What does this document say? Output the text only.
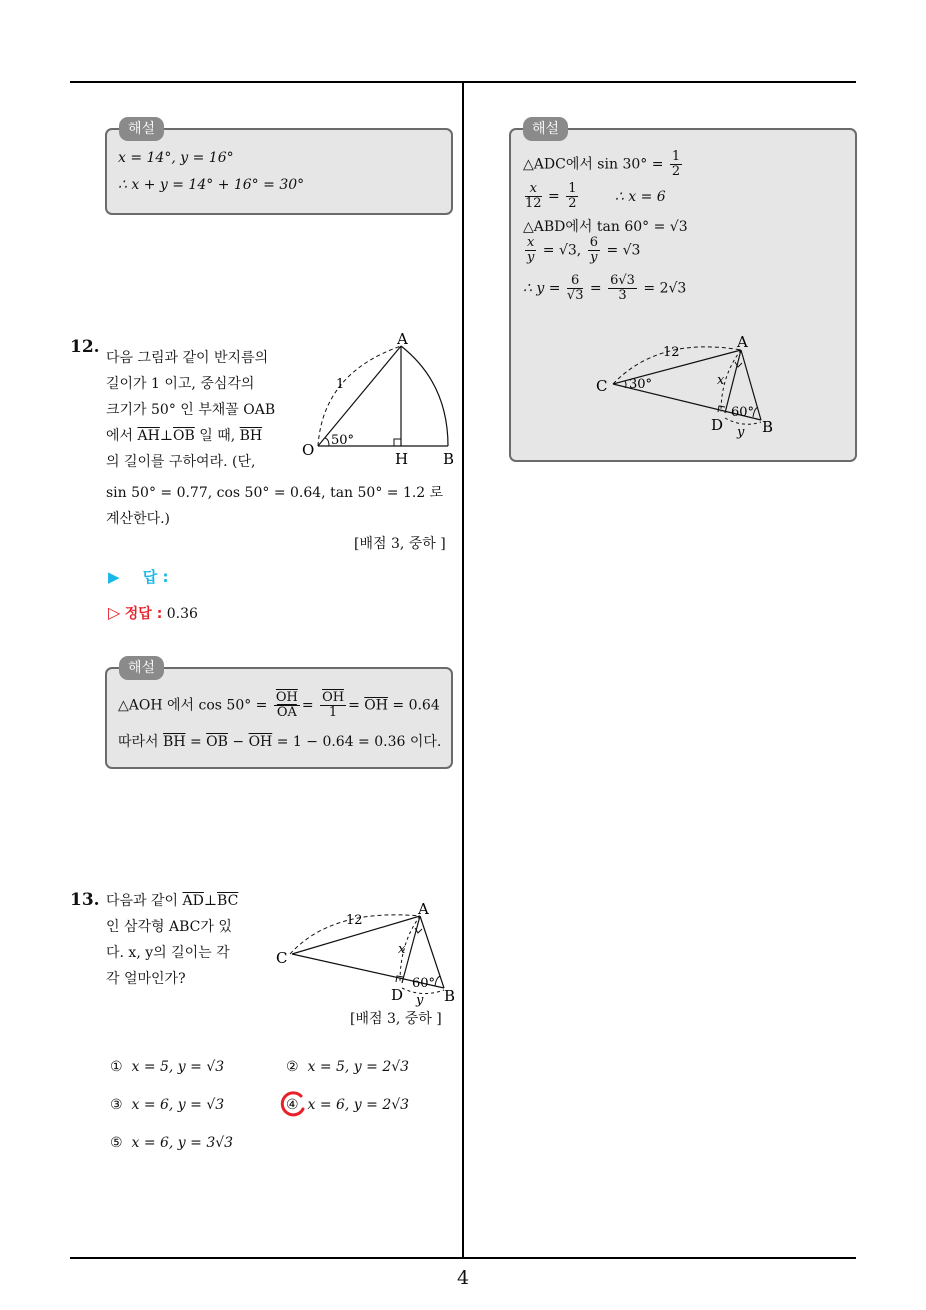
x = 14°, y = 16°
∴ x + y = 14° + 16° = 30°
해설
12.
다음 그림과 같이 반지름의
길이가 1 이고, 중심각의
크기가 50° 인 부채꼴 OAB
에서 $\overline{AH}\perp\overline{OB}$ 일 때, $\overline{BH}$
의 길이를 구하여라. (단,
sin 50° = 0.77, cos 50° = 0.64, tan 50° = 1.2 로
계산한다.)
[배점 3, 중하 ]
A
O	H B
1
50°
▶ 답 :
▷ 정답 : 0.36
△AOH 에서 $\cos 50^\circ = \frac{\overline{OH}}{OA} = \frac{\overline{OH}}{1} = \overline{OH} = 0.64$
따라서 $\overline{BH} = \overline{OB} - \overline{OH} = 1 - 0.64 = 0.36$ 이다.
해설
13. 다음과 같이 $\overline{AD}\perp\overline{BC}$
인 삼각형 ABC가 있
다. x, y의 길이는 각
각 얼마인가?
[배점 3, 중하 ]
A
C
D	B
12
x
y
60°
① x = 5, y = √3	② x = 5, y = 2√3
③ x = 6, y = √3	④ x = 6, y = 2√3
⑤ x = 6, y = 3√3
△ADC에서 $\sin 30^\circ = \frac{1}{2}$
$\frac{x}{12} = \frac{1}{2}$	∴ x = 6
△ABD에서 tan 60° = √3
$\frac{x}{y} = √3$, $\frac{6}{y} = √3$
∴ $y = \frac{6}{√3} = \frac{6√3}{3} = 2√3$
A
C
D	B
12
30°	x
y
60°
해설
4
